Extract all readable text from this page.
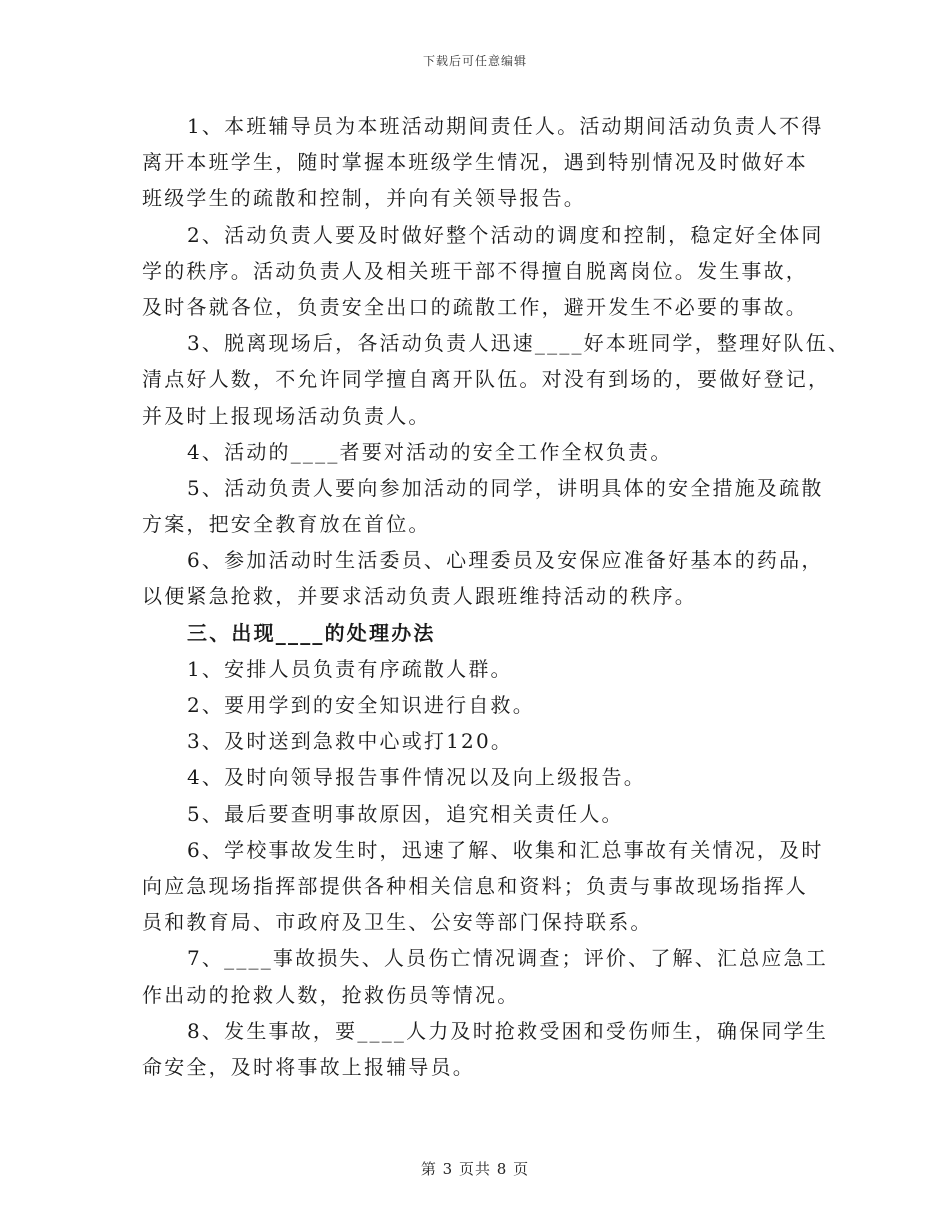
下载后可任意编辑
1、本班辅导员为本班活动期间责任人。活动期间活动负责人不得
离开本班学生，随时掌握本班级学生情况，遇到特别情况及时做好本
班级学生的疏散和控制，并向有关领导报告。
2、活动负责人要及时做好整个活动的调度和控制，稳定好全体同
学的秩序。活动负责人及相关班干部不得擅自脱离岗位。发生事故，
及时各就各位，负责安全出口的疏散工作，避开发生不必要的事故。
3、脱离现场后，各活动负责人迅速____好本班同学，整理好队伍、
清点好人数，不允许同学擅自离开队伍。对没有到场的，要做好登记，
并及时上报现场活动负责人。
4、活动的____者要对活动的安全工作全权负责。
5、活动负责人要向参加活动的同学，讲明具体的安全措施及疏散
方案，把安全教育放在首位。
6、参加活动时生活委员、心理委员及安保应准备好基本的药品，
以便紧急抢救，并要求活动负责人跟班维持活动的秩序。
三、出现____的处理办法
1、安排人员负责有序疏散人群。
2、要用学到的安全知识进行自救。
3、及时送到急救中心或打120。
4、及时向领导报告事件情况以及向上级报告。
5、最后要查明事故原因，追究相关责任人。
6、学校事故发生时，迅速了解、收集和汇总事故有关情况，及时
向应急现场指挥部提供各种相关信息和资料；负责与事故现场指挥人
员和教育局、市政府及卫生、公安等部门保持联系。
7、____事故损失、人员伤亡情况调查；评价、了解、汇总应急工
作出动的抢救人数，抢救伤员等情况。
8、发生事故，要____人力及时抢救受困和受伤师生，确保同学生
命安全，及时将事故上报辅导员。
第 3 页共 8 页
